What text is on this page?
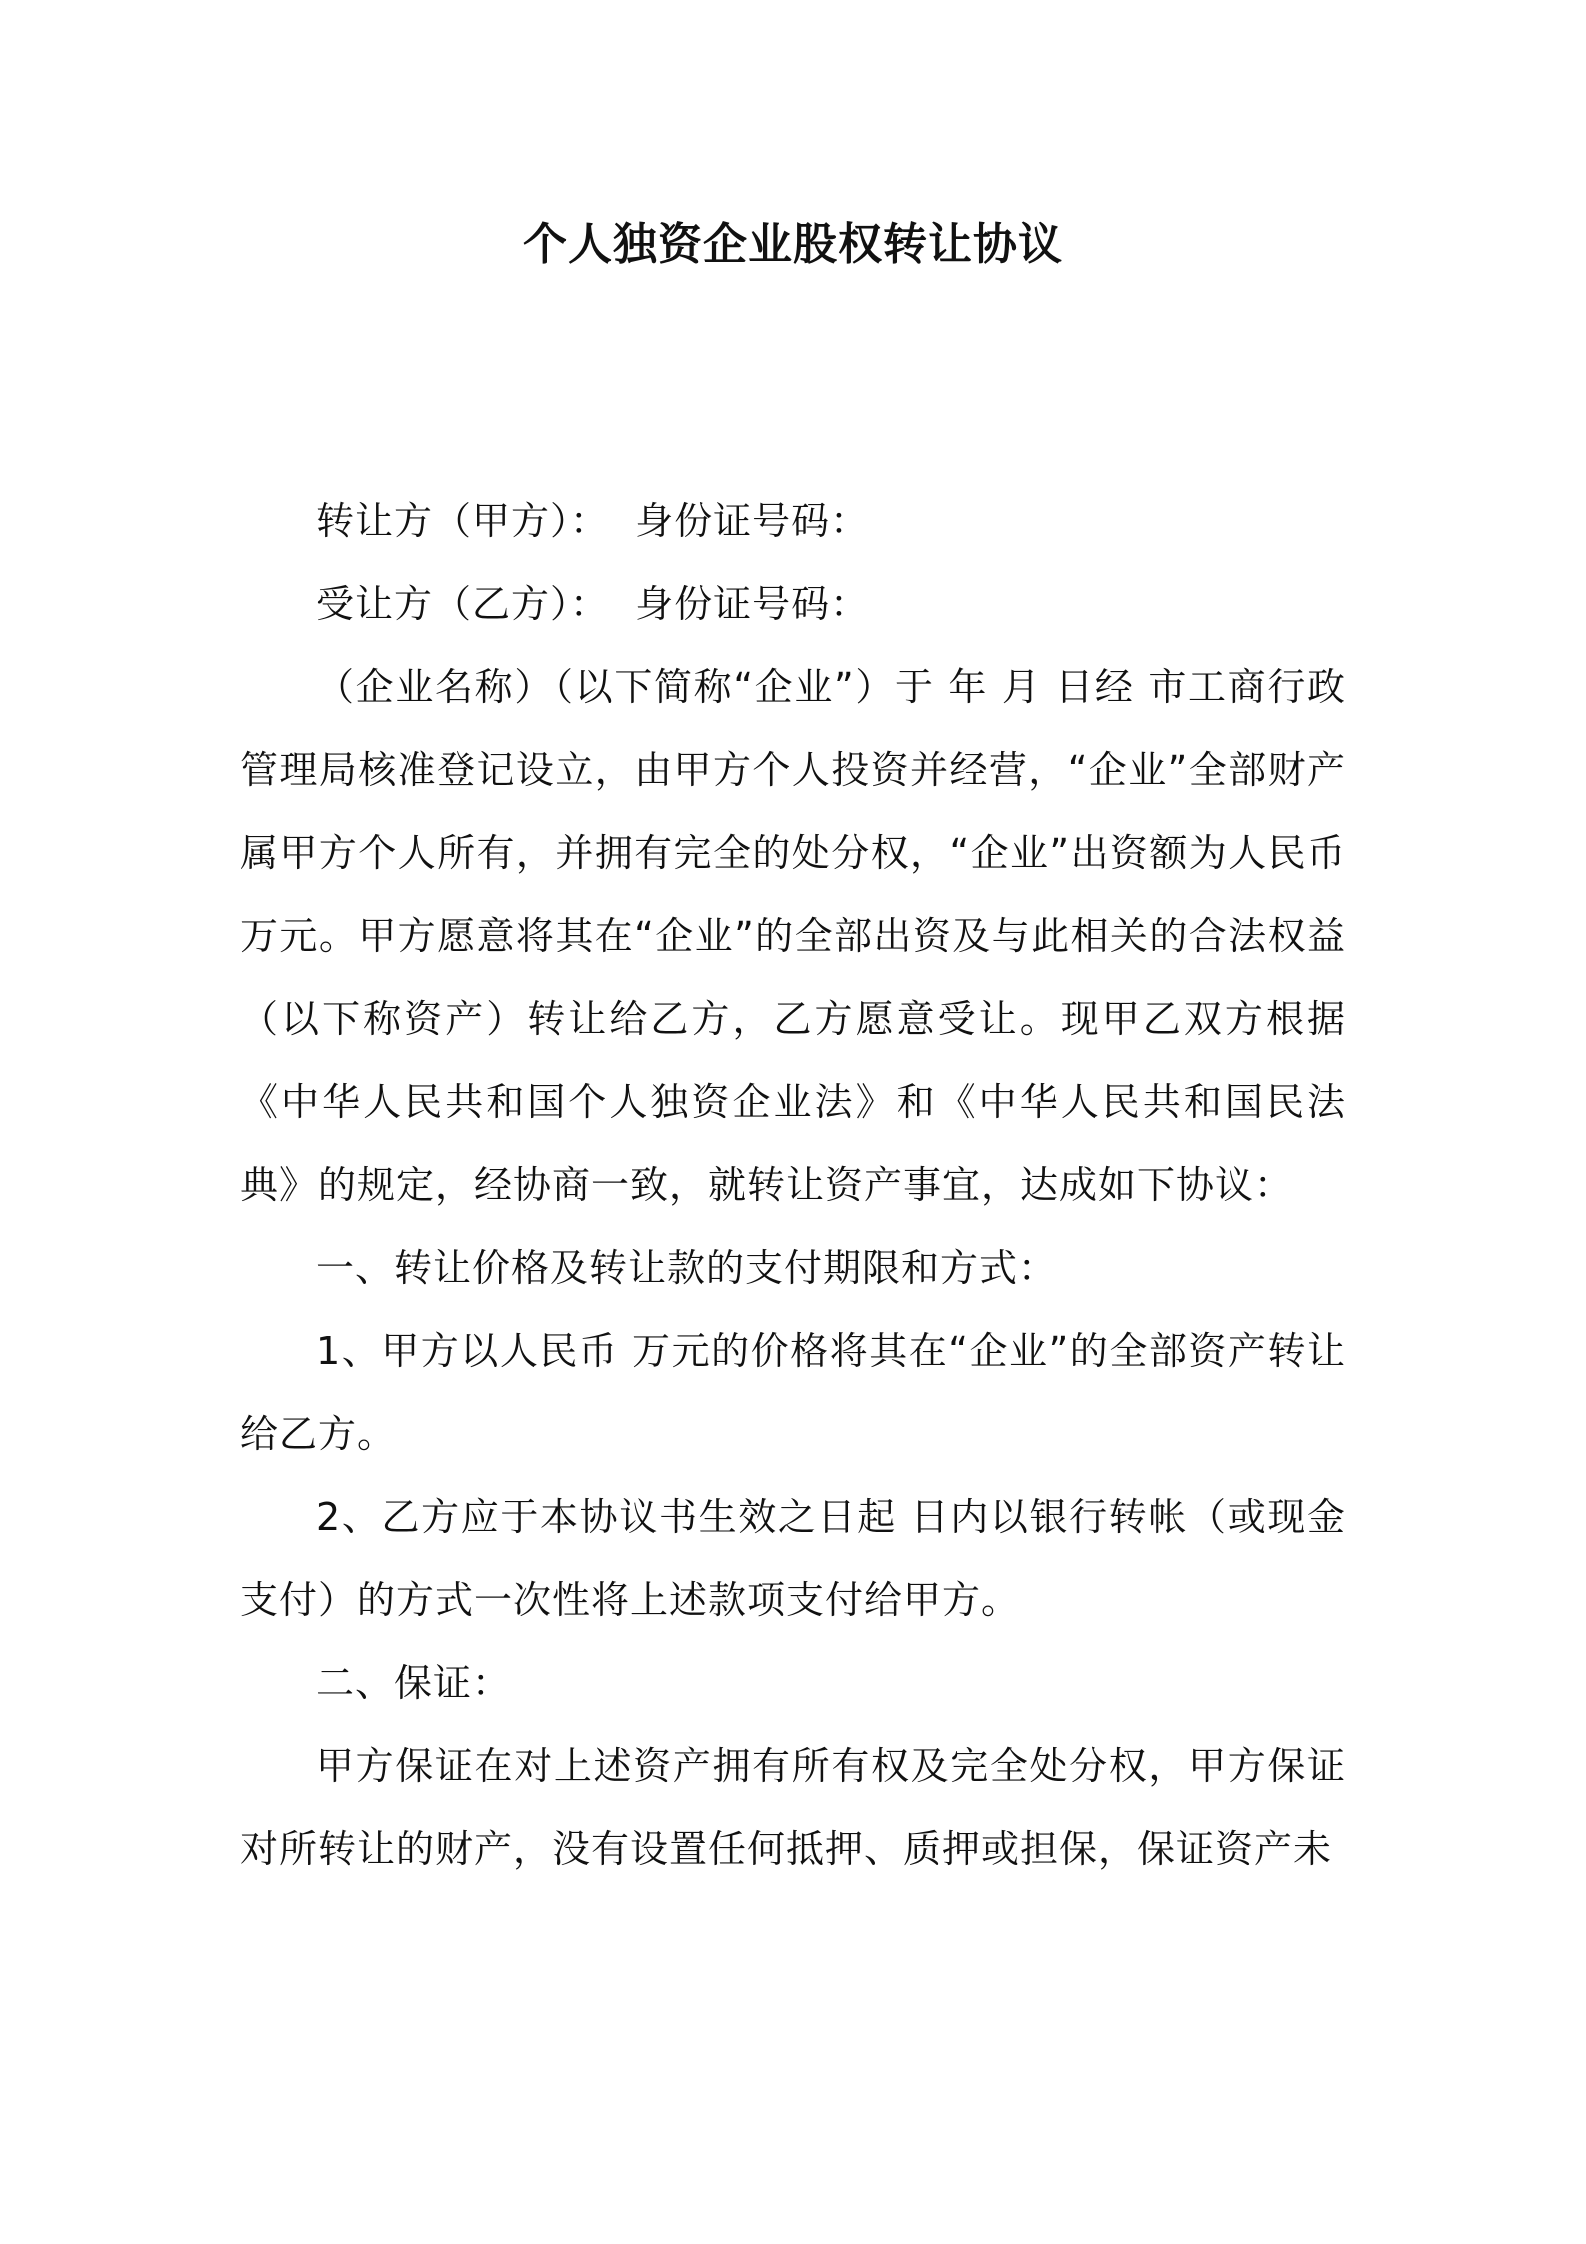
个人独资企业股权转让协议

转让方（甲方）：  身份证号码：

受让方（乙方）：  身份证号码：

（企业名称）（以下简称“企业”）于 年 月 日经 市工商行政管理局核准登记设立，由甲方个人投资并经营，“企业”全部财产属甲方个人所有，并拥有完全的处分权，“企业”出资额为人民币 万元。甲方愿意将其在“企业”的全部出资及与此相关的合法权益（以下称资产）转让给乙方，乙方愿意受让。现甲乙双方根据《中华人民共和国个人独资企业法》和《中华人民共和国民法典》的规定，经协商一致，就转让资产事宜，达成如下协议：

一、转让价格及转让款的支付期限和方式：

1、甲方以人民币 万元的价格将其在“企业”的全部资产转让给乙方。

2、乙方应于本协议书生效之日起 日内以银行转帐（或现金支付）的方式一次性将上述款项支付给甲方。

二、保证：

甲方保证在对上述资产拥有所有权及完全处分权，甲方保证对所转让的财产，没有设置任何抵押、质押或担保，保证资产未
